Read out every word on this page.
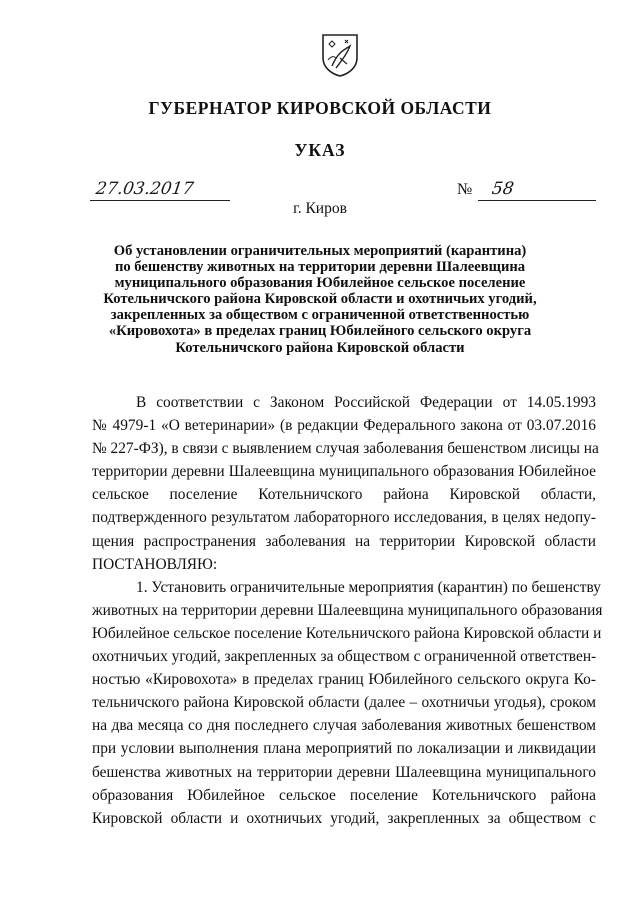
ГУБЕРНАТОР КИРОВСКОЙ ОБЛАСТИ
УКАЗ
27.03.2017	№ 58
г. Киров
Об установлении ограничительных мероприятий (карантина)
по бешенству животных на территории деревни Шалеевщина
муниципального образования Юбилейное сельское поселение
Котельничского района Кировской области и охотничьих угодий,
закрепленных за обществом с ограниченной ответственностью
«Кировохота» в пределах границ Юбилейного сельского округа
Котельничского района Кировской области
В соответствии с Законом Российской Федерации от 14.05.1993
№ 4979-1 «О ветеринарии» (в редакции Федерального закона от 03.07.2016
№ 227-ФЗ), в связи с выявлением случая заболевания бешенством лисицы на
территории деревни Шалеевщина муниципального образования Юбилейное
сельское поселение Котельничского района Кировской области,
подтвержденного результатом лабораторного исследования, в целях недопу-
щения распространения заболевания на территории Кировской области
ПОСТАНОВЛЯЮ:
1. Установить ограничительные мероприятия (карантин) по бешенству
животных на территории деревни Шалеевщина муниципального образования
Юбилейное сельское поселение Котельничского района Кировской области и
охотничьих угодий, закрепленных за обществом с ограниченной ответствен-
ностью «Кировохота» в пределах границ Юбилейного сельского округа Ко-
тельничского района Кировской области (далее – охотничьи угодья), сроком
на два месяца со дня последнего случая заболевания животных бешенством
при условии выполнения плана мероприятий по локализации и ликвидации
бешенства животных на территории деревни Шалеевщина муниципального
образования Юбилейное сельское поселение Котельничского района
Кировской области и охотничьих угодий, закрепленных за обществом с
